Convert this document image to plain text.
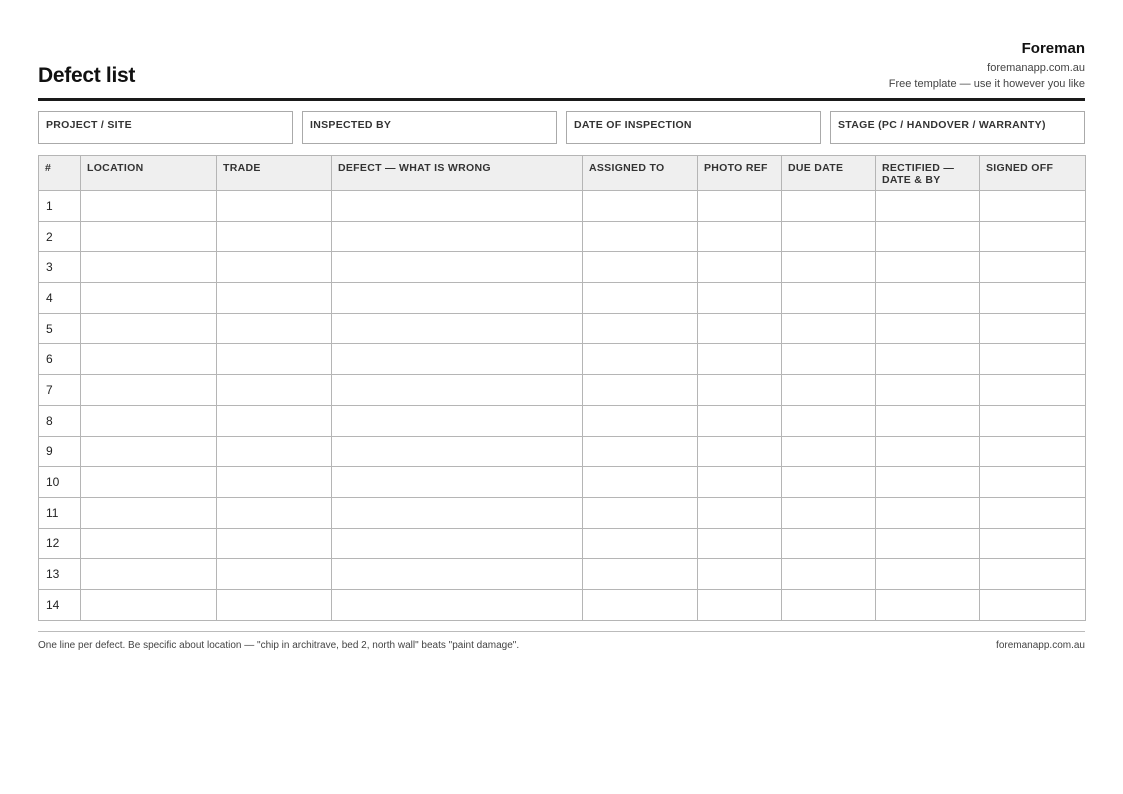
Defect list
Foreman
foremanapp.com.au
Free template — use it however you like
PROJECT / SITE	INSPECTED BY	DATE OF INSPECTION	STAGE (PC / HANDOVER / WARRANTY)
#	LOCATION	TRADE	DEFECT — WHAT IS WRONG	ASSIGNED TO	PHOTO REF	DUE DATE	RECTIFIED — DATE & BY	SIGNED OFF
1								
2								
3								
4								
5								
6								
7								
8								
9								
10								
11								
12								
13								
14								
One line per defect. Be specific about location — "chip in architrave, bed 2, north wall" beats "paint damage".	foremanapp.com.au
